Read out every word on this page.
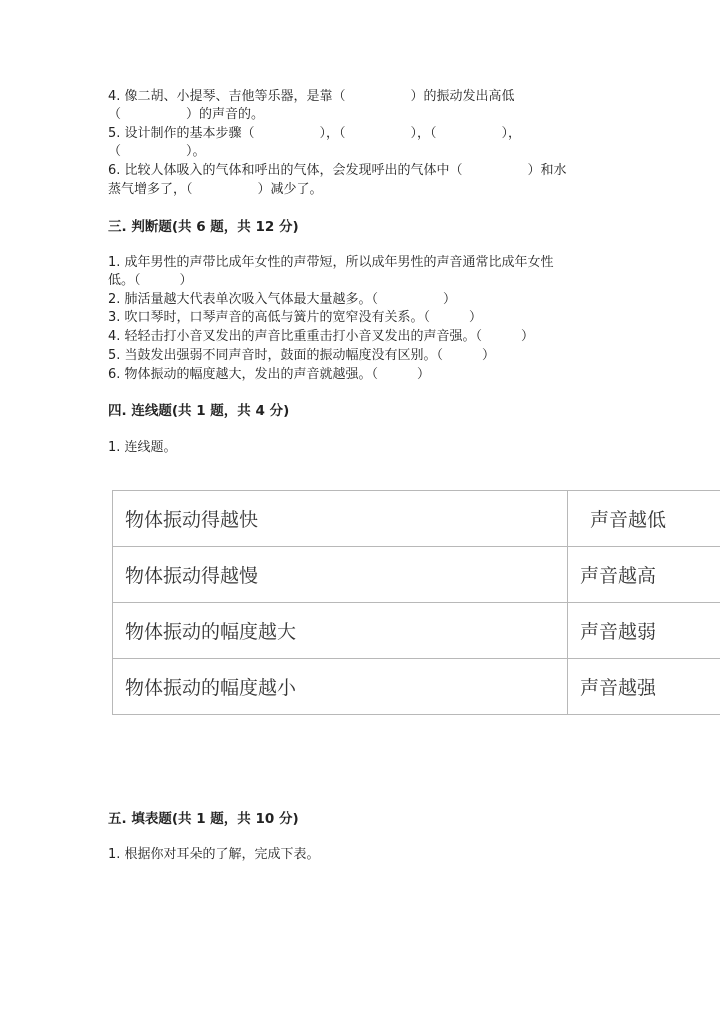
4. 像二胡、小提琴、吉他等乐器，是靠（　　　　　）的振动发出高低
（　　　　　）的声音的。
5. 设计制作的基本步骤（　　　　　），（　　　　　），（　　　　　），
（　　　　　）。
6. 比较人体吸入的气体和呼出的气体，会发现呼出的气体中（　　　　　）和水
蒸气增多了，（　　　　　）减少了。
三. 判断题(共 6 题，共 12 分)
1. 成年男性的声带比成年女性的声带短，所以成年男性的声音通常比成年女性
低。（　　　）
2. 肺活量越大代表单次吸入气体最大量越多。（　　　　　）
3. 吹口琴时，口琴声音的高低与簧片的宽窄没有关系。（　　　）
4. 轻轻击打小音叉发出的声音比重重击打小音叉发出的声音强。（　　　）
5. 当鼓发出强弱不同声音时，鼓面的振动幅度没有区别。（　　　）
6. 物体振动的幅度越大，发出的声音就越强。（　　　）
四. 连线题(共 1 题，共 4 分)
1. 连线题。
物体振动得越快	声音越低
物体振动得越慢	声音越高
物体振动的幅度越大	声音越弱
物体振动的幅度越小	声音越强
五. 填表题(共 1 题，共 10 分)
1. 根据你对耳朵的了解，完成下表。
